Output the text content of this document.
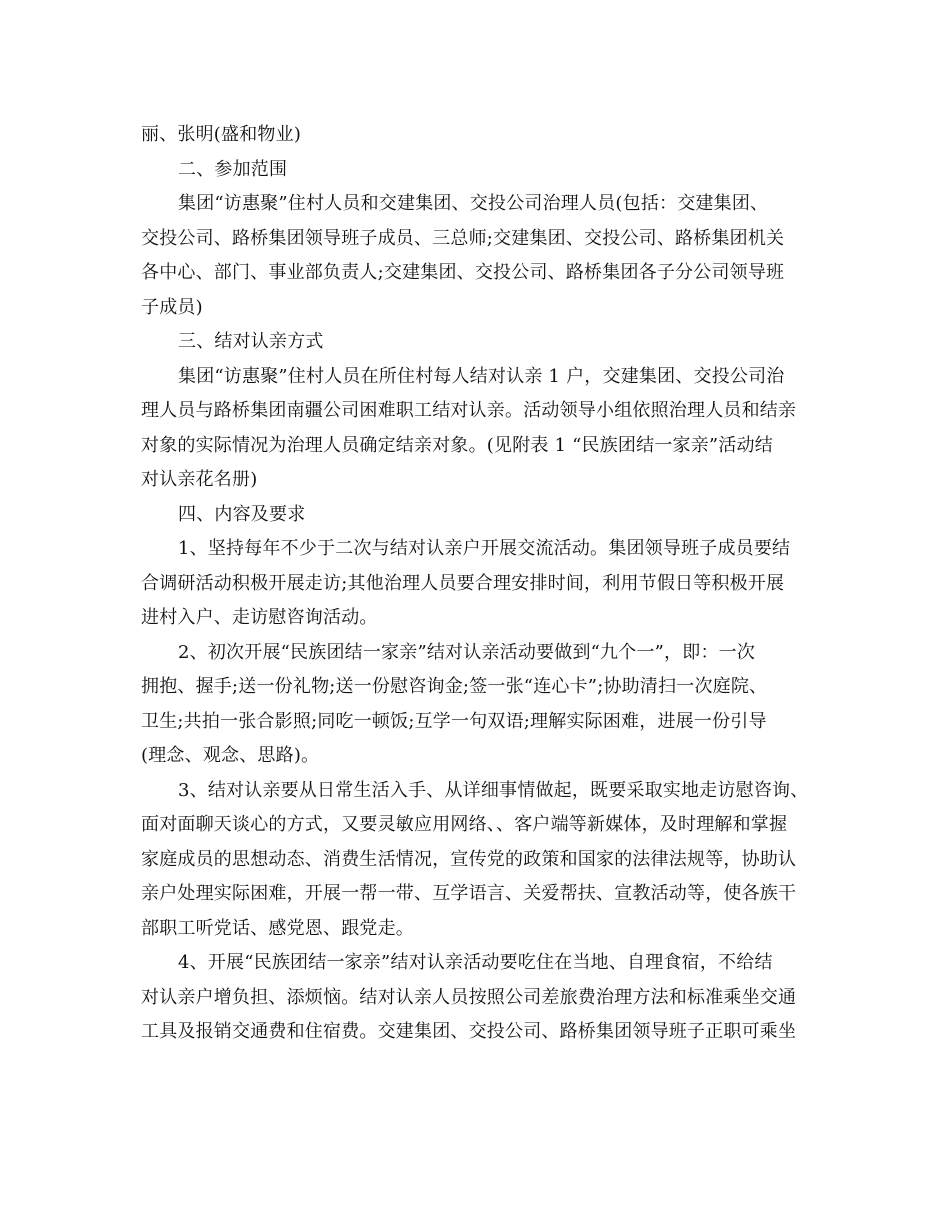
丽、张明(盛和物业)
二、参加范围
集团“访惠聚”住村人员和交建集团、交投公司治理人员(包括：交建集团、
交投公司、路桥集团领导班子成员、三总师;交建集团、交投公司、路桥集团机关
各中心、部门、事业部负责人;交建集团、交投公司、路桥集团各子分公司领导班
子成员)
三、结对认亲方式
集团“访惠聚”住村人员在所住村每人结对认亲 1 户，交建集团、交投公司治
理人员与路桥集团南疆公司困难职工结对认亲。活动领导小组依照治理人员和结亲
对象的实际情况为治理人员确定结亲对象。(见附表 1 “民族团结一家亲”活动结
对认亲花名册)
四、内容及要求
1、坚持每年不少于二次与结对认亲户开展交流活动。集团领导班子成员要结
合调研活动积极开展走访;其他治理人员要合理安排时间，利用节假日等积极开展
进村入户、走访慰咨询活动。
2、初次开展“民族团结一家亲”结对认亲活动要做到“九个一”，即：一次
拥抱、握手;送一份礼物;送一份慰咨询金;签一张“连心卡”;协助清扫一次庭院、
卫生;共拍一张合影照;同吃一顿饭;互学一句双语;理解实际困难，进展一份引导
(理念、观念、思路)。
3、结对认亲要从日常生活入手、从详细事情做起，既要采取实地走访慰咨询、
面对面聊天谈心的方式，又要灵敏应用网络、、客户端等新媒体，及时理解和掌握
家庭成员的思想动态、消费生活情况，宣传党的政策和国家的法律法规等，协助认
亲户处理实际困难，开展一帮一带、互学语言、关爱帮扶、宣教活动等，使各族干
部职工听党话、感党恩、跟党走。
4、开展“民族团结一家亲”结对认亲活动要吃住在当地、自理食宿，不给结
对认亲户增负担、添烦恼。结对认亲人员按照公司差旅费治理方法和标准乘坐交通
工具及报销交通费和住宿费。交建集团、交投公司、路桥集团领导班子正职可乘坐
